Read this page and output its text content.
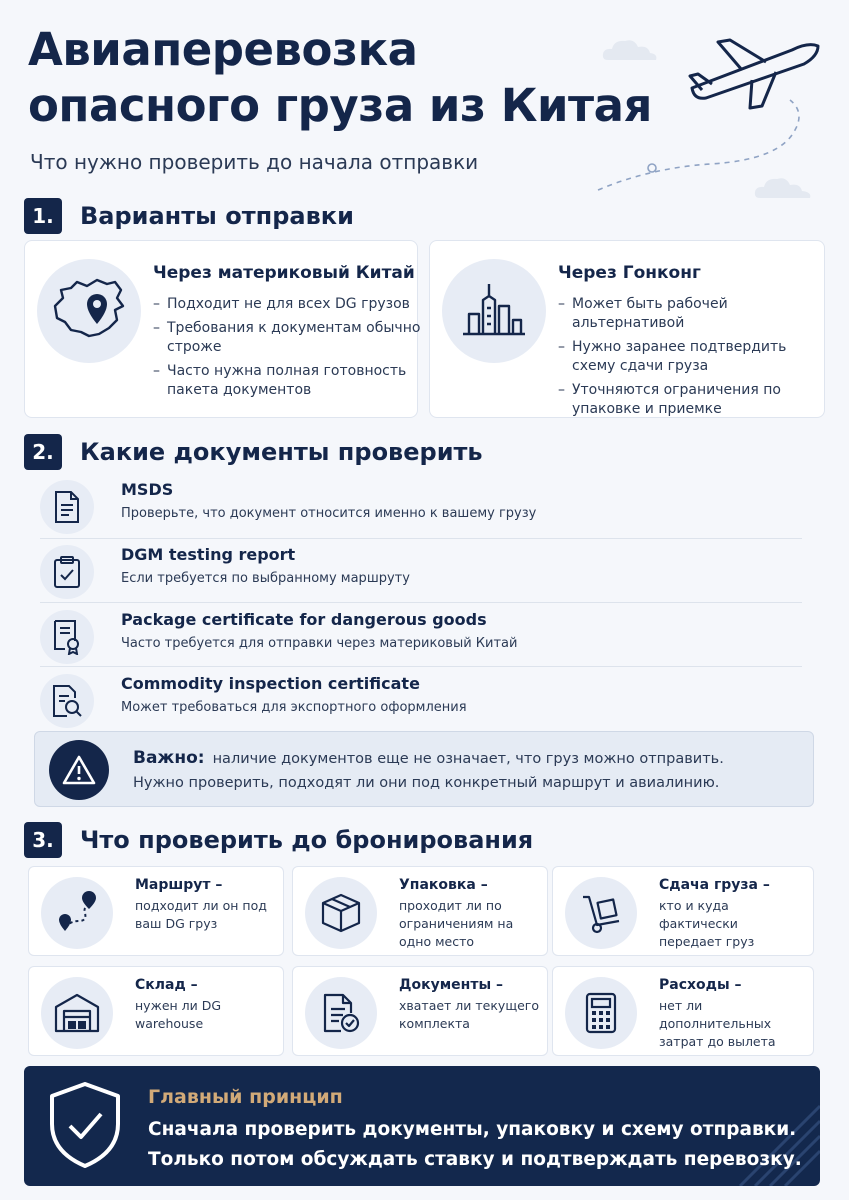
Авиаперевозка
опасного груза из Китая
Что нужно проверить до начала отправки
1.	Варианты отправки
Через материковый Китай
– Подходит не для всех DG грузов
– Требования к документам обычно строже
– Часто нужна полная готовность пакета документов
Через Гонконг
– Может быть рабочей альтернативой
– Нужно заранее подтвердить схему сдачи груза
– Уточняются ограничения по упаковке и приемке
2.	Какие документы проверить
MSDS
Проверьте, что документ относится именно к вашему грузу
DGM testing report
Если требуется по выбранному маршруту
Package certificate for dangerous goods
Часто требуется для отправки через материковый Китай
Commodity inspection certificate
Может требоваться для экспортного оформления
Важно: наличие документов еще не означает, что груз можно отправить.
Нужно проверить, подходят ли они под конкретный маршрут и авиалинию.
3.	Что проверить до бронирования
Маршрут –
подходит ли он под ваш DG груз
Упаковка –
проходит ли по ограничениям на одно место
Сдача груза –
кто и куда фактически передает груз
Склад –
нужен ли DG warehouse
Документы –
хватает ли текущего комплекта
Расходы –
нет ли дополнительных затрат до вылета
Главный принцип
Сначала проверить документы, упаковку и схему отправки.
Только потом обсуждать ставку и подтверждать перевозку.
